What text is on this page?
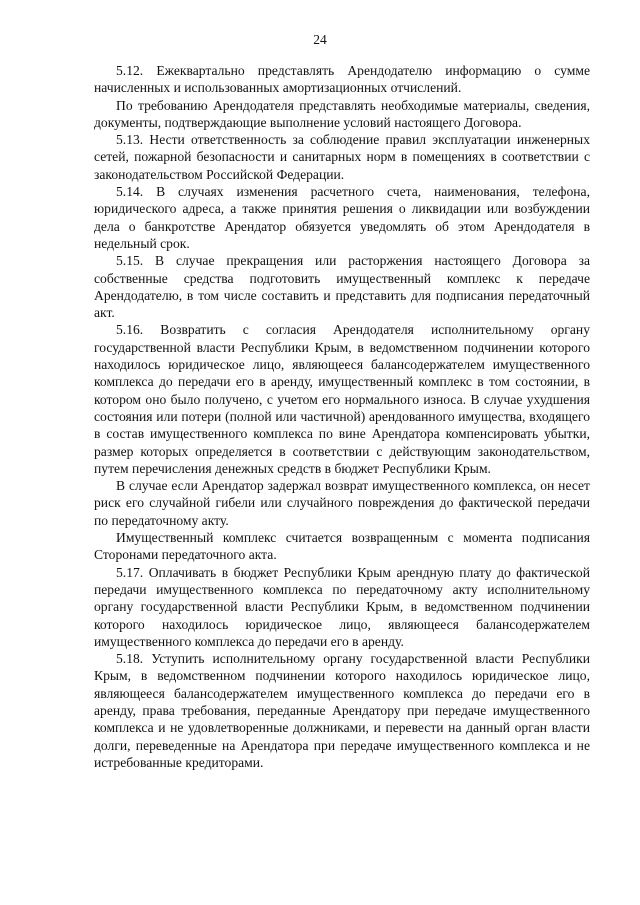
24

5.12. Ежеквартально представлять Арендодателю информацию о сумме начисленных и использованных амортизационных отчислений.

По требованию Арендодателя представлять необходимые материалы, сведения, документы, подтверждающие выполнение условий настоящего Договора.

5.13. Нести ответственность за соблюдение правил эксплуатации инженерных сетей, пожарной безопасности и санитарных норм в помещениях в соответствии с законодательством Российской Федерации.

5.14. В случаях изменения расчетного счета, наименования, телефона, юридического адреса, а также принятия решения о ликвидации или возбуждении дела о банкротстве Арендатор обязуется уведомлять об этом Арендодателя в недельный срок.

5.15. В случае прекращения или расторжения настоящего Договора за собственные средства подготовить имущественный комплекс к передаче Арендодателю, в том числе составить и представить для подписания передаточный акт.

5.16. Возвратить с согласия Арендодателя исполнительному органу государственной власти Республики Крым, в ведомственном подчинении которого находилось юридическое лицо, являющееся балансодержателем имущественного комплекса до передачи его в аренду, имущественный комплекс в том состоянии, в котором оно было получено, с учетом его нормального износа. В случае ухудшения состояния или потери (полной или частичной) арендованного имущества, входящего в состав имущественного комплекса по вине Арендатора компенсировать убытки, размер которых определяется в соответствии с действующим законодательством, путем перечисления денежных средств в бюджет Республики Крым.

В случае если Арендатор задержал возврат имущественного комплекса, он несет риск его случайной гибели или случайного повреждения до фактической передачи по передаточному акту.

Имущественный комплекс считается возвращенным с момента подписания Сторонами передаточного акта.

5.17. Оплачивать в бюджет Республики Крым арендную плату до фактической передачи имущественного комплекса по передаточному акту исполнительному органу государственной власти Республики Крым, в ведомственном подчинении которого находилось юридическое лицо, являющееся балансодержателем имущественного комплекса до передачи его в аренду.

5.18. Уступить исполнительному органу государственной власти Республики Крым, в ведомственном подчинении которого находилось юридическое лицо, являющееся балансодержателем имущественного комплекса до передачи его в аренду, права требования, переданные Арендатору при передаче имущественного комплекса и не удовлетворенные должниками, и перевести на данный орган власти долги, переведенные на Арендатора при передаче имущественного комплекса и не истребованные кредиторами.
